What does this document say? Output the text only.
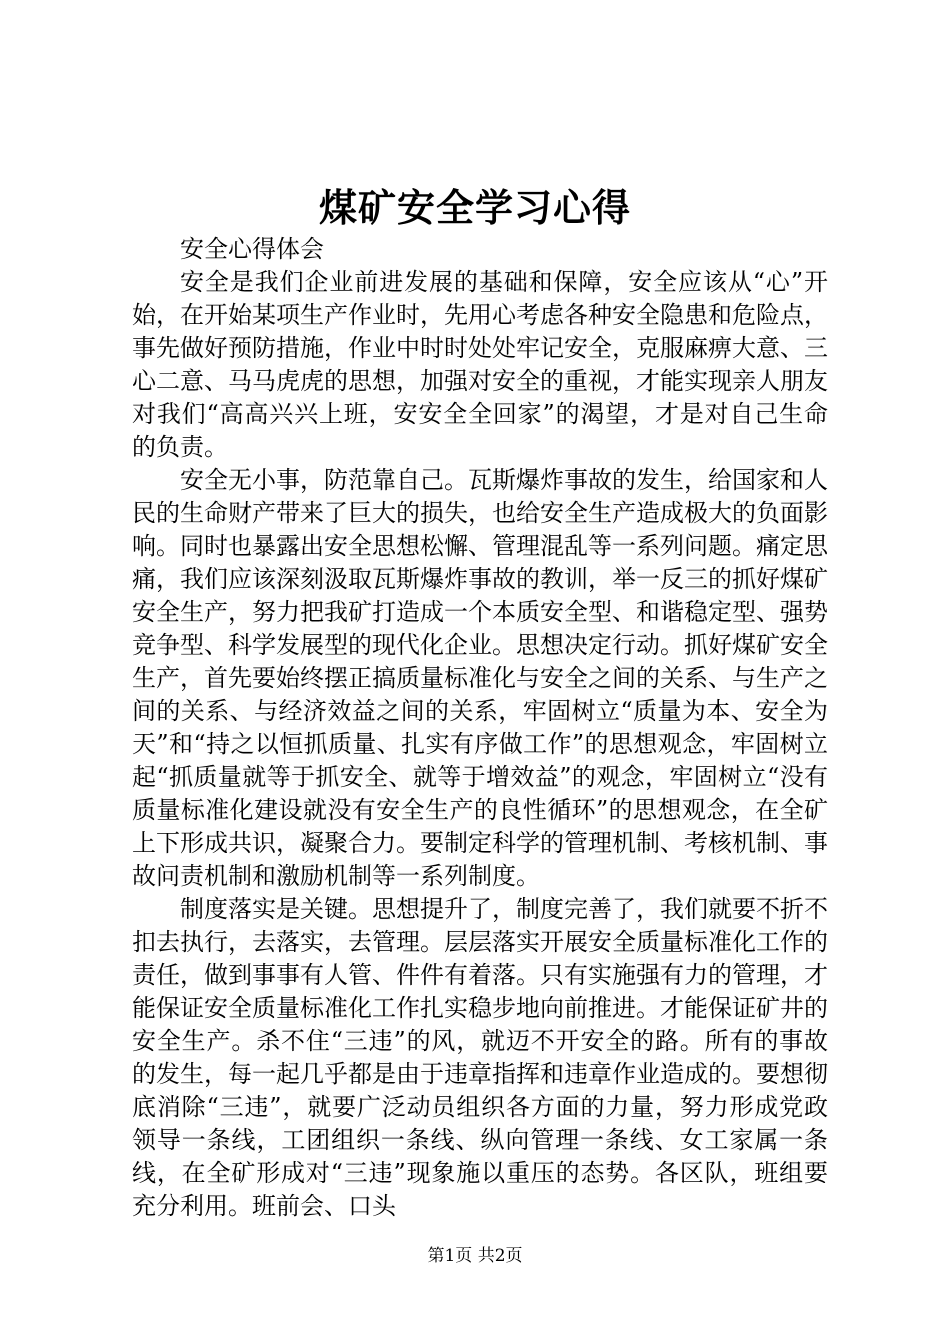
煤矿安全学习心得

安全心得体会

安全是我们企业前进发展的基础和保障，安全应该从“心”开始，在开始某项生产作业时，先用心考虑各种安全隐患和危险点，事先做好预防措施，作业中时时处处牢记安全，克服麻痹大意、三心二意、马马虎虎的思想，加强对安全的重视，才能实现亲人朋友对我们“高高兴兴上班，安安全全回家”的渴望，才是对自己生命的负责。

安全无小事，防范靠自己。瓦斯爆炸事故的发生，给国家和人民的生命财产带来了巨大的损失，也给安全生产造成极大的负面影响。同时也暴露出安全思想松懈、管理混乱等一系列问题。痛定思痛，我们应该深刻汲取瓦斯爆炸事故的教训，举一反三的抓好煤矿安全生产，努力把我矿打造成一个本质安全型、和谐稳定型、强势竞争型、科学发展型的现代化企业。思想决定行动。抓好煤矿安全生产，首先要始终摆正搞质量标准化与安全之间的关系、与生产之间的关系、与经济效益之间的关系，牢固树立“质量为本、安全为天”和“持之以恒抓质量、扎实有序做工作”的思想观念，牢固树立起“抓质量就等于抓安全、就等于增效益”的观念，牢固树立“没有质量标准化建设就没有安全生产的良性循环”的思想观念，在全矿上下形成共识，凝聚合力。要制定科学的管理机制、考核机制、事故问责机制和激励机制等一系列制度。

制度落实是关键。思想提升了，制度完善了，我们就要不折不扣去执行，去落实，去管理。层层落实开展安全质量标准化工作的责任，做到事事有人管、件件有着落。只有实施强有力的管理，才能保证安全质量标准化工作扎实稳步地向前推进。才能保证矿井的安全生产。杀不住“三违”的风，就迈不开安全的路。所有的事故的发生，每一起几乎都是由于违章指挥和违章作业造成的。要想彻底消除“三违”，就要广泛动员组织各方面的力量，努力形成党政领导一条线，工团组织一条线、纵向管理一条线、女工家属一条线，在全矿形成对“三违”现象施以重压的态势。各区队，班组要充分利用。班前会、口头

第1页 共2页
